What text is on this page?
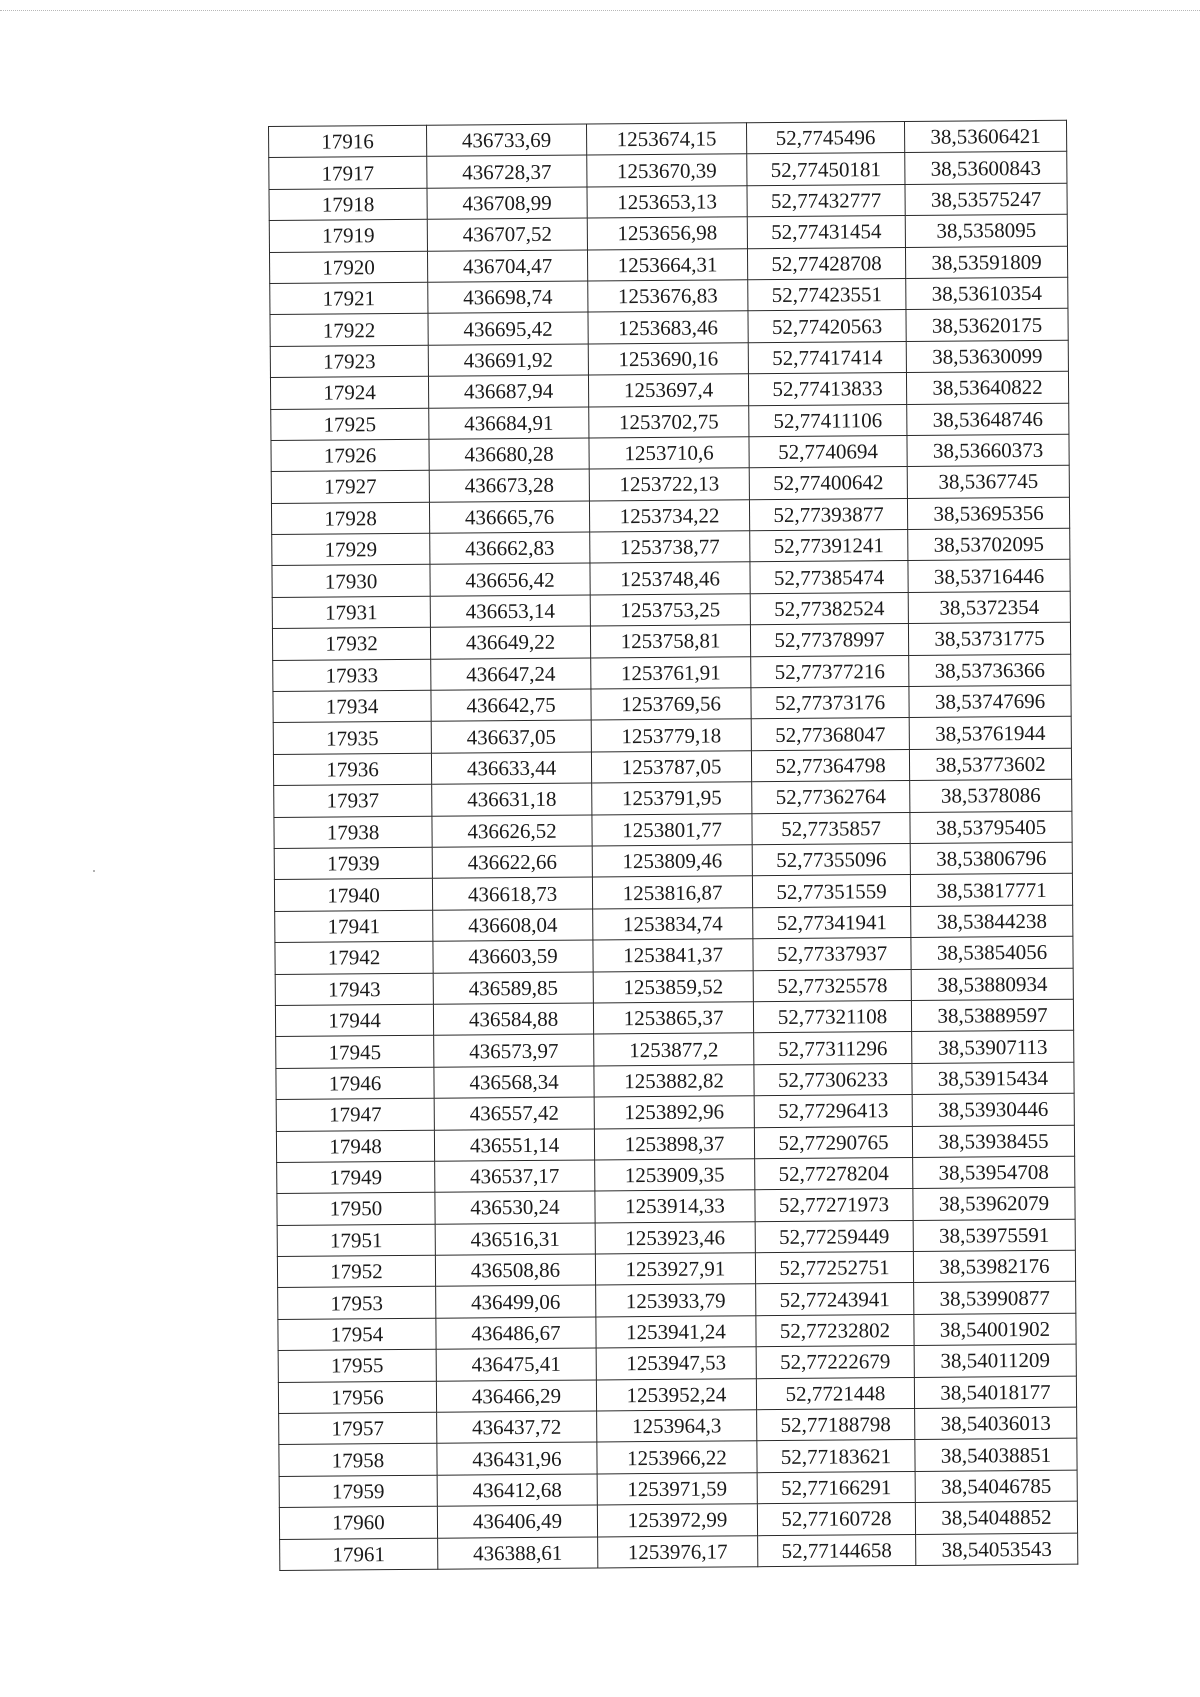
17916	436733,69	1253674,15	52,7745496	38,53606421
17917	436728,37	1253670,39	52,77450181	38,53600843
17918	436708,99	1253653,13	52,77432777	38,53575247
17919	436707,52	1253656,98	52,77431454	38,5358095
17920	436704,47	1253664,31	52,77428708	38,53591809
17921	436698,74	1253676,83	52,77423551	38,53610354
17922	436695,42	1253683,46	52,77420563	38,53620175
17923	436691,92	1253690,16	52,77417414	38,53630099
17924	436687,94	1253697,4	52,77413833	38,53640822
17925	436684,91	1253702,75	52,77411106	38,53648746
17926	436680,28	1253710,6	52,7740694	38,53660373
17927	436673,28	1253722,13	52,77400642	38,5367745
17928	436665,76	1253734,22	52,77393877	38,53695356
17929	436662,83	1253738,77	52,77391241	38,53702095
17930	436656,42	1253748,46	52,77385474	38,53716446
17931	436653,14	1253753,25	52,77382524	38,5372354
17932	436649,22	1253758,81	52,77378997	38,53731775
17933	436647,24	1253761,91	52,77377216	38,53736366
17934	436642,75	1253769,56	52,77373176	38,53747696
17935	436637,05	1253779,18	52,77368047	38,53761944
17936	436633,44	1253787,05	52,77364798	38,53773602
17937	436631,18	1253791,95	52,77362764	38,5378086
17938	436626,52	1253801,77	52,7735857	38,53795405
17939	436622,66	1253809,46	52,77355096	38,53806796
17940	436618,73	1253816,87	52,77351559	38,53817771
17941	436608,04	1253834,74	52,77341941	38,53844238
17942	436603,59	1253841,37	52,77337937	38,53854056
17943	436589,85	1253859,52	52,77325578	38,53880934
17944	436584,88	1253865,37	52,77321108	38,53889597
17945	436573,97	1253877,2	52,77311296	38,53907113
17946	436568,34	1253882,82	52,77306233	38,53915434
17947	436557,42	1253892,96	52,77296413	38,53930446
17948	436551,14	1253898,37	52,77290765	38,53938455
17949	436537,17	1253909,35	52,77278204	38,53954708
17950	436530,24	1253914,33	52,77271973	38,53962079
17951	436516,31	1253923,46	52,77259449	38,53975591
17952	436508,86	1253927,91	52,77252751	38,53982176
17953	436499,06	1253933,79	52,77243941	38,53990877
17954	436486,67	1253941,24	52,77232802	38,54001902
17955	436475,41	1253947,53	52,77222679	38,54011209
17956	436466,29	1253952,24	52,7721448	38,54018177
17957	436437,72	1253964,3	52,77188798	38,54036013
17958	436431,96	1253966,22	52,77183621	38,54038851
17959	436412,68	1253971,59	52,77166291	38,54046785
17960	436406,49	1253972,99	52,77160728	38,54048852
17961	436388,61	1253976,17	52,77144658	38,54053543
